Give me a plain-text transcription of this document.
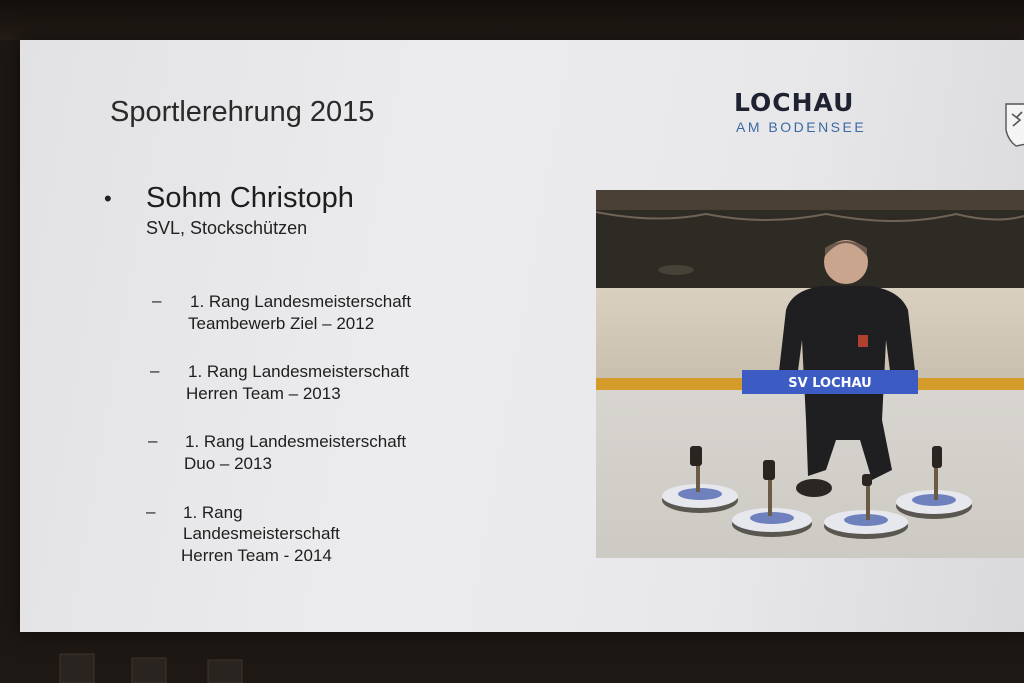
Sportlerehrung 2015	LOCHAU
AM BODENSEE
• Sohm Christoph
SVL, Stockschützen
– 1. Rang Landesmeisterschaft
Teambewerb Ziel – 2012
– 1. Rang Landesmeisterschaft
Herren Team – 2013
– 1. Rang Landesmeisterschaft
Duo – 2013
– 1. Rang
Landesmeisterschaft
Herren Team - 2014
SV LOCHAU
